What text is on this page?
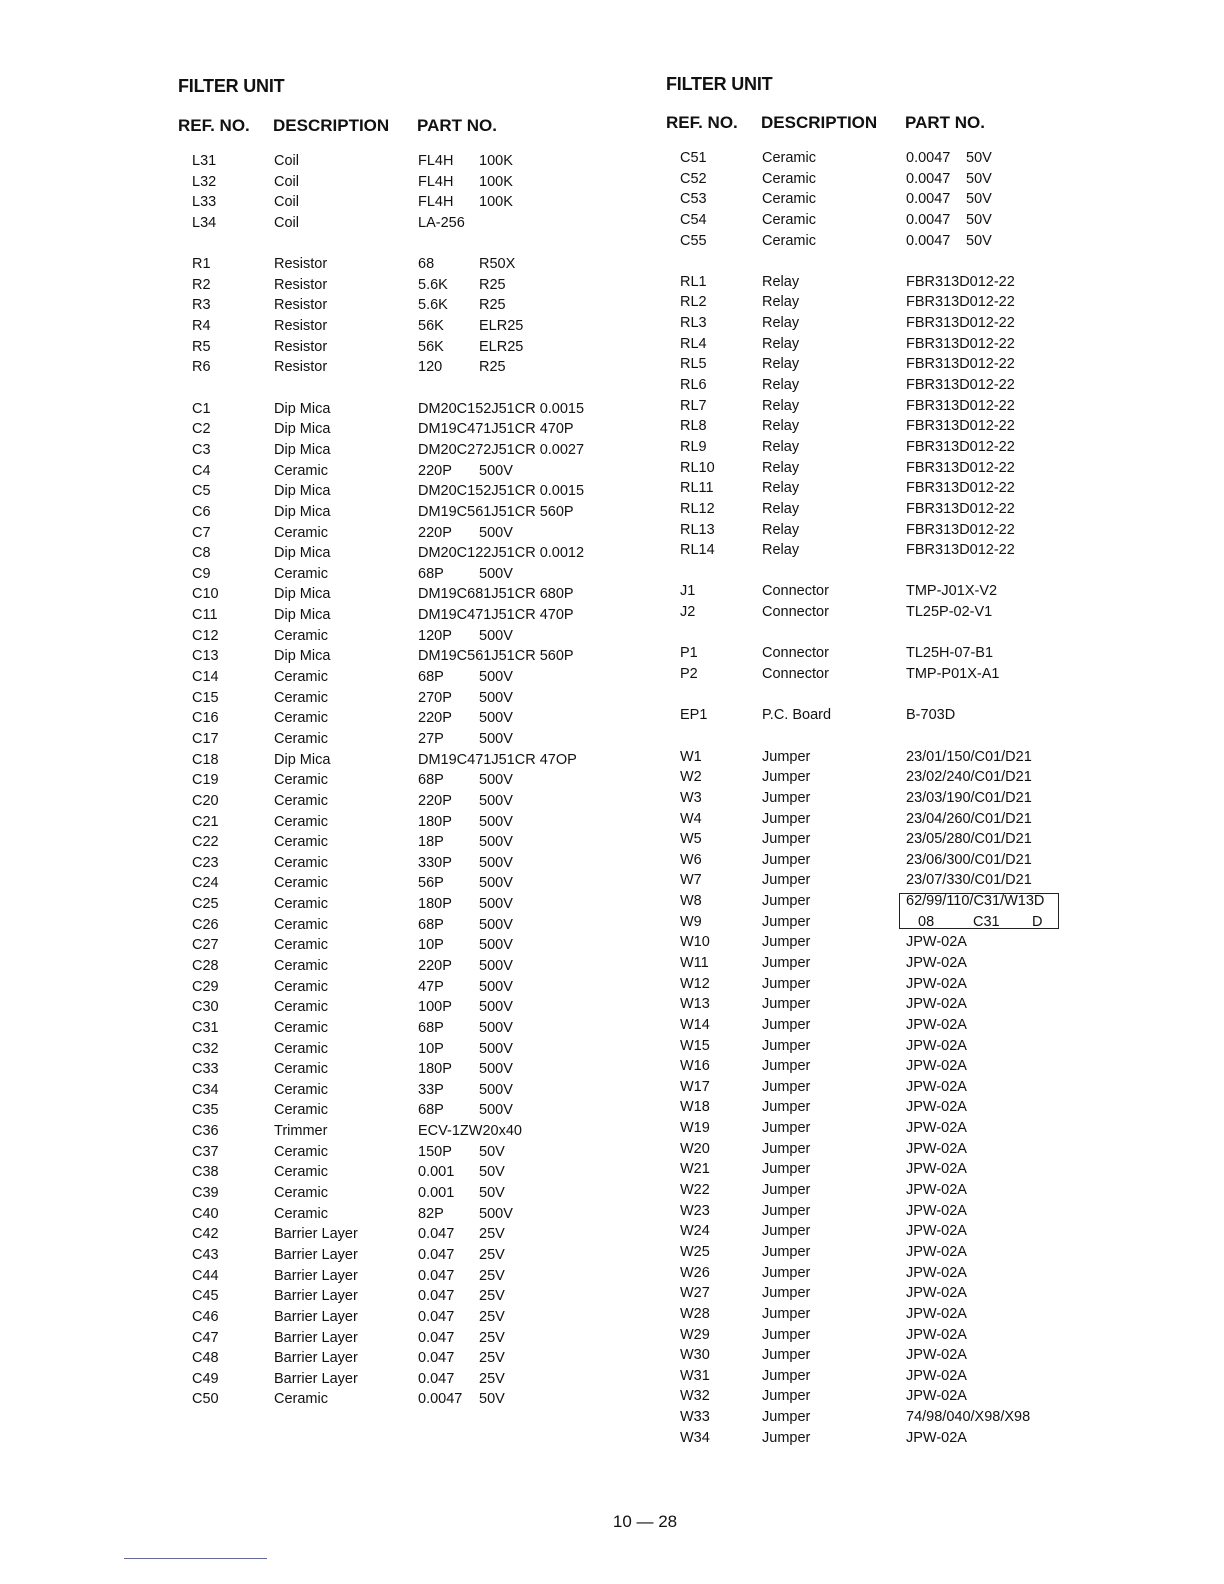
FILTER UNIT
REF. NO. DESCRIPTION PART NO.
L31	Coil	FL4H 100K
L32	Coil	FL4H 100K
L33	Coil	FL4H 100K
L34	Coil	LA-256
R1	Resistor	68	R50X
R2	Resistor	5.6K R25
R3	Resistor	5.6K R25
R4	Resistor	56K ELR25
R5	Resistor	56K ELR25
R6	Resistor	120	R25
C1	Dip Mica	DM20C152J51CR 0.0015
C2	Dip Mica	DM19C471J51CR 470P
C3	Dip Mica	DM20C272J51CR 0.0027
C4	Ceramic	220P 500V
C5	Dip Mica	DM20C152J51CR 0.0015
C6	Dip Mica	DM19C561J51CR 560P
C7	Ceramic	220P 500V
C8	Dip Mica	DM20C122J51CR 0.0012
C9	Ceramic	68P 500V
C10	Dip Mica	DM19C681J51CR 680P
C11	Dip Mica	DM19C471J51CR 470P
C12	Ceramic	120P 500V
C13	Dip Mica	DM19C561J51CR 560P
C14	Ceramic	68P 500V
C15	Ceramic	270P 500V
C16	Ceramic	220P 500V
C17	Ceramic	27P 500V
C18	Dip Mica	DM19C471J51CR 47OP
C19	Ceramic	68P 500V
C20	Ceramic	220P 500V
C21	Ceramic	180P 500V
C22	Ceramic	18P 500V
C23	Ceramic	330P 500V
C24	Ceramic	56P 500V
C25	Ceramic	180P 500V
C26	Ceramic	68P 500V
C27	Ceramic	10P 500V
C28	Ceramic	220P 500V
C29	Ceramic	47P 500V
C30	Ceramic	100P 500V
C31	Ceramic	68P 500V
C32	Ceramic	10P 500V
C33	Ceramic	180P 500V
C34	Ceramic	33P 500V
C35	Ceramic	68P 500V
C36	Trimmer	ECV-1ZW20x40
C37	Ceramic	150P 50V
C38	Ceramic	0.001 50V
C39	Ceramic	0.001 50V
C40	Ceramic	82P 500V
C42	Barrier Layer	0.047 25V
C43	Barrier Layer	0.047 25V
C44	Barrier Layer	0.047 25V
C45	Barrier Layer	0.047 25V
C46	Barrier Layer	0.047 25V
C47	Barrier Layer	0.047 25V
C48	Barrier Layer	0.047 25V
C49	Barrier Layer	0.047 25V
C50	Ceramic	0.0047 50V
FILTER UNIT
REF. NO. DESCRIPTION PART NO.
C51	Ceramic	0.0047 50V
C52	Ceramic	0.0047 50V
C53	Ceramic	0.0047 50V
C54	Ceramic	0.0047 50V
C55	Ceramic	0.0047 50V
RL1	Relay	FBR313D012-22
RL2	Relay	FBR313D012-22
RL3	Relay	FBR313D012-22
RL4	Relay	FBR313D012-22
RL5	Relay	FBR313D012-22
RL6	Relay	FBR313D012-22
RL7	Relay	FBR313D012-22
RL8	Relay	FBR313D012-22
RL9	Relay	FBR313D012-22
RL10	Relay	FBR313D012-22
RL11	Relay	FBR313D012-22
RL12	Relay	FBR313D012-22
RL13	Relay	FBR313D012-22
RL14	Relay	FBR313D012-22
J1	Connector	TMP-J01X-V2
J2	Connector	TL25P-02-V1
P1	Connector	TL25H-07-B1
P2	Connector	TMP-P01X-A1
EP1	P.C. Board	B-703D
W1	Jumper	23/01/150/C01/D21
W2	Jumper	23/02/240/C01/D21
W3	Jumper	23/03/190/C01/D21
W4	Jumper	23/04/260/C01/D21
W5	Jumper	23/05/280/C01/D21
W6	Jumper	23/06/300/C01/D21
W7	Jumper	23/07/330/C01/D21
W8	Jumper	62/99/110/C31/W13D
W9	Jumper	08	C31 D
W10	Jumper	JPW-02A
W11	Jumper	JPW-02A
W12	Jumper	JPW-02A
W13	Jumper	JPW-02A
W14	Jumper	JPW-02A
W15	Jumper	JPW-02A
W16	Jumper	JPW-02A
W17	Jumper	JPW-02A
W18	Jumper	JPW-02A
W19	Jumper	JPW-02A
W20	Jumper	JPW-02A
W21	Jumper	JPW-02A
W22	Jumper	JPW-02A
W23	Jumper	JPW-02A
W24	Jumper	JPW-02A
W25	Jumper	JPW-02A
W26	Jumper	JPW-02A
W27	Jumper	JPW-02A
W28	Jumper	JPW-02A
W29	Jumper	JPW-02A
W30	Jumper	JPW-02A
W31	Jumper	JPW-02A
W32	Jumper	JPW-02A
W33	Jumper	74/98/040/X98/X98
W34	Jumper	JPW-02A
10 — 28
